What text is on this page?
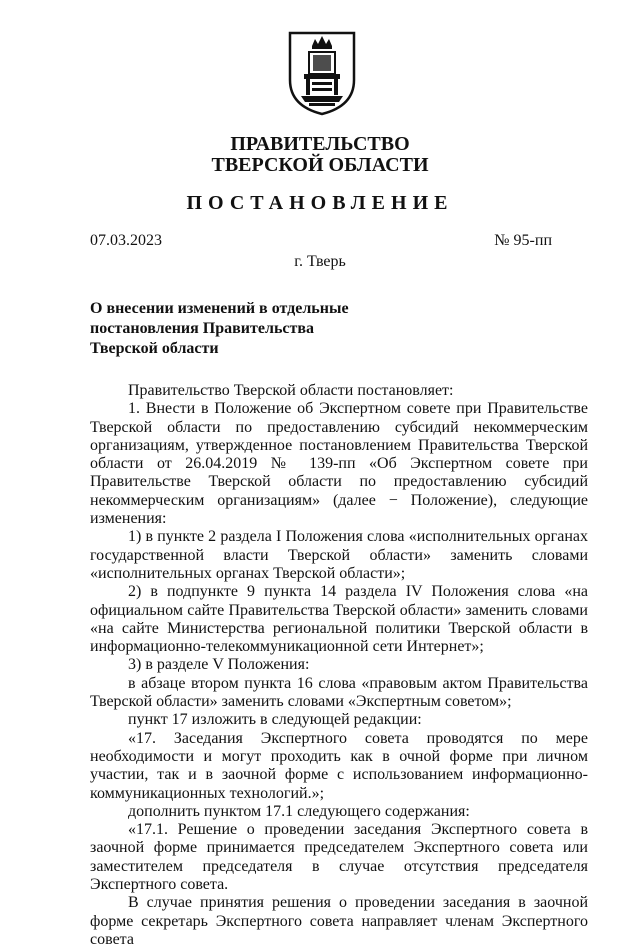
ПРАВИТЕЛЬСТВО
ТВЕРСКОЙ ОБЛАСТИ
ПОСТАНОВЛЕНИЕ
07.03.2023	№ 95-пп
г. Тверь
О внесении изменений в отдельные
постановления Правительства
Тверской области

Правительство Тверской области постановляет:

1. Внести в Положение об Экспертном совете при Правительстве Тверской области по предоставлению субсидий некоммерческим организациям, утвержденное постановлением Правительства Тверской области от 26.04.2019 № 139-пп «Об Экспертном совете при Правительстве Тверской области по предоставлению субсидий некоммерческим организациям» (далее − Положение), следующие изменения:

1) в пункте 2 раздела I Положения слова «исполнительных органах государственной власти Тверской области» заменить словами «исполнительных органах Тверской области»;

2) в подпункте 9 пункта 14 раздела IV Положения слова «на официальном сайте Правительства Тверской области» заменить словами «на сайте Министерства региональной политики Тверской области в информационно-телекоммуникационной сети Интернет»;

3) в разделе V Положения:

в абзаце втором пункта 16 слова «правовым актом Правительства Тверской области» заменить словами «Экспертным советом»;

пункт 17 изложить в следующей редакции:

«17. Заседания Экспертного совета проводятся по мере необходимости и могут проходить как в очной форме при личном участии, так и в заочной форме с использованием информационно-коммуникационных технологий.»;

дополнить пунктом 17.1 следующего содержания:

«17.1. Решение о проведении заседания Экспертного совета в заочной форме принимается председателем Экспертного совета или заместителем председателя в случае отсутствия председателя Экспертного совета.

В случае принятия решения о проведении заседания в заочной форме секретарь Экспертного совета направляет членам Экспертного совета
